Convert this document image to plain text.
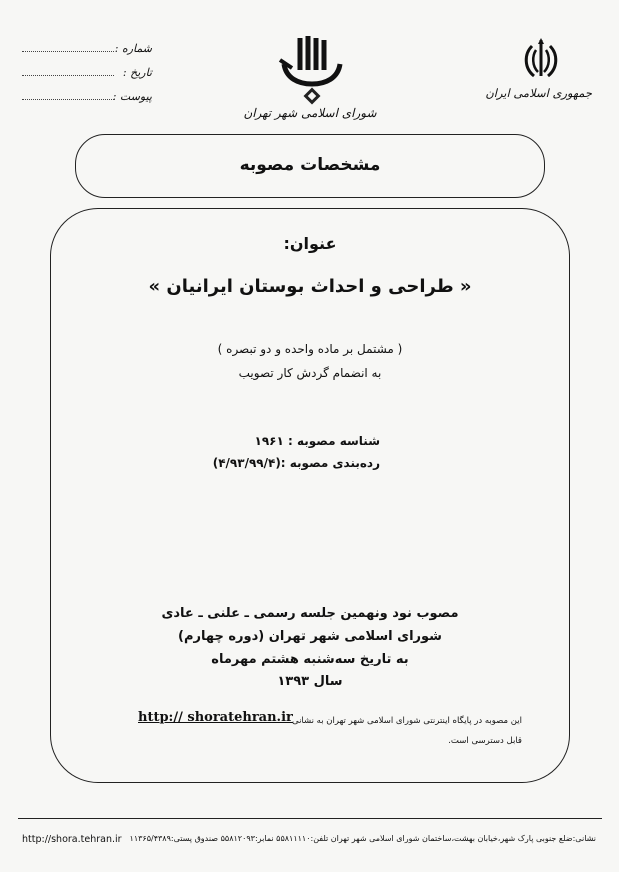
شماره :
تاریخ :
پیوست :
شورای اسلامی شهر تهران
جمهوری اسلامی ایران
مشخصات مصوبه
عنوان:
« طراحی و احداث بوستان ایرانیان »
( مشتمل بر ماده واحده و دو تبصره )
به انضمام گردش کار تصویب
شناسه مصوبه : ۱۹۶۱
رده‌بندی مصوبه :(۴/۹۳/۹۹/۴)
مصوب نود ونهمین جلسه رسمی ـ علنی ـ عادی
شورای اسلامی شهر تهران (دوره چهارم)
به تاریخ سه‌شنبه هشتم مهرماه
سال ۱۳۹۳
http:// shoratehran.ir این مصوبه در پایگاه اینترنتی شورای اسلامی شهر تهران به نشانی
قابل دسترسی است.
http://shora.tehran.ir نشانی:ضلع جنوبی پارک شهر،خیابان بهشت،ساختمان شورای اسلامی شهر تهران تلفن:۵۵۸۱۱۱۱۰ نمابر:۵۵۸۱۲۰۹۳ صندوق پستی:۱۱۳۶۵/۴۳۸۹
